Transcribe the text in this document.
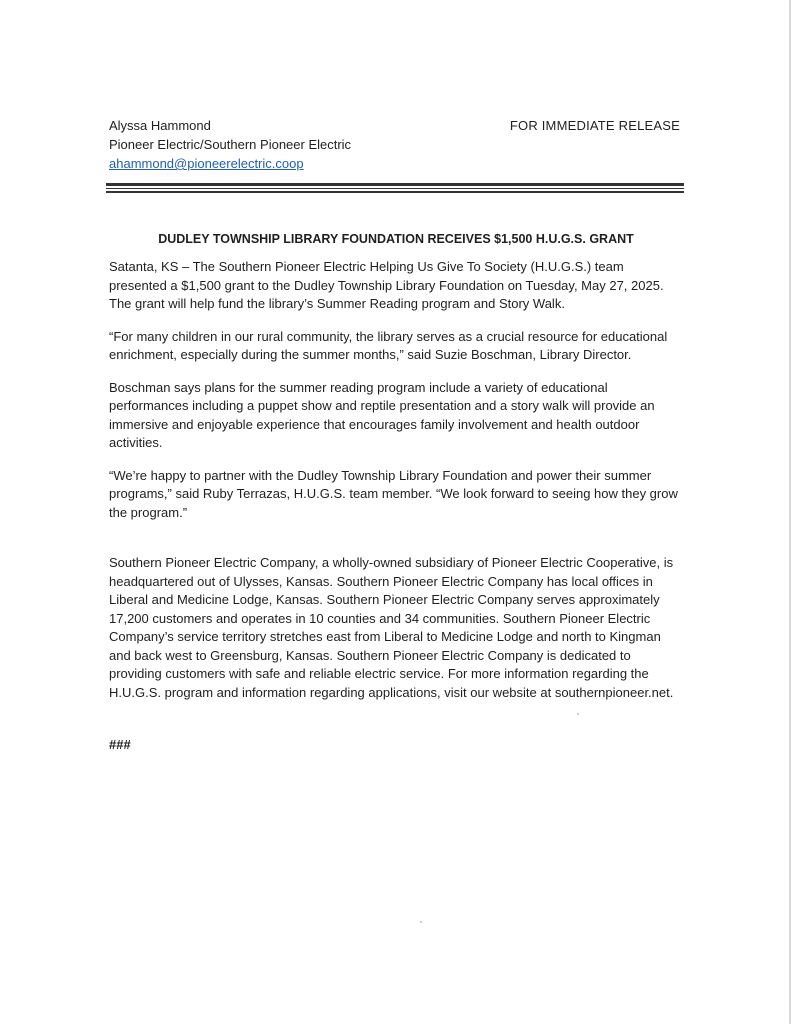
Alyssa Hammond
Pioneer Electric/Southern Pioneer Electric
ahammond@pioneerelectric.coop
FOR IMMEDIATE RELEASE
DUDLEY TOWNSHIP LIBRARY FOUNDATION RECEIVES $1,500 H.U.G.S. GRANT

Satanta, KS – The Southern Pioneer Electric Helping Us Give To Society (H.U.G.S.) team presented a $1,500 grant to the Dudley Township Library Foundation on Tuesday, May 27, 2025. The grant will help fund the library’s Summer Reading program and Story Walk.

“For many children in our rural community, the library serves as a crucial resource for educational enrichment, especially during the summer months,” said Suzie Boschman, Library Director.

Boschman says plans for the summer reading program include a variety of educational performances including a puppet show and reptile presentation and a story walk will provide an immersive and enjoyable experience that encourages family involvement and health outdoor activities.

“We’re happy to partner with the Dudley Township Library Foundation and power their summer programs,” said Ruby Terrazas, H.U.G.S. team member. “We look forward to seeing how they grow the program.”

Southern Pioneer Electric Company, a wholly-owned subsidiary of Pioneer Electric Cooperative, is headquartered out of Ulysses, Kansas. Southern Pioneer Electric Company has local offices in Liberal and Medicine Lodge, Kansas. Southern Pioneer Electric Company serves approximately 17,200 customers and operates in 10 counties and 34 communities. Southern Pioneer Electric Company’s service territory stretches east from Liberal to Medicine Lodge and north to Kingman and back west to Greensburg, Kansas. Southern Pioneer Electric Company is dedicated to providing customers with safe and reliable electric service. For more information regarding the H.U.G.S. program and information regarding applications, visit our website at southernpioneer.net.

###
